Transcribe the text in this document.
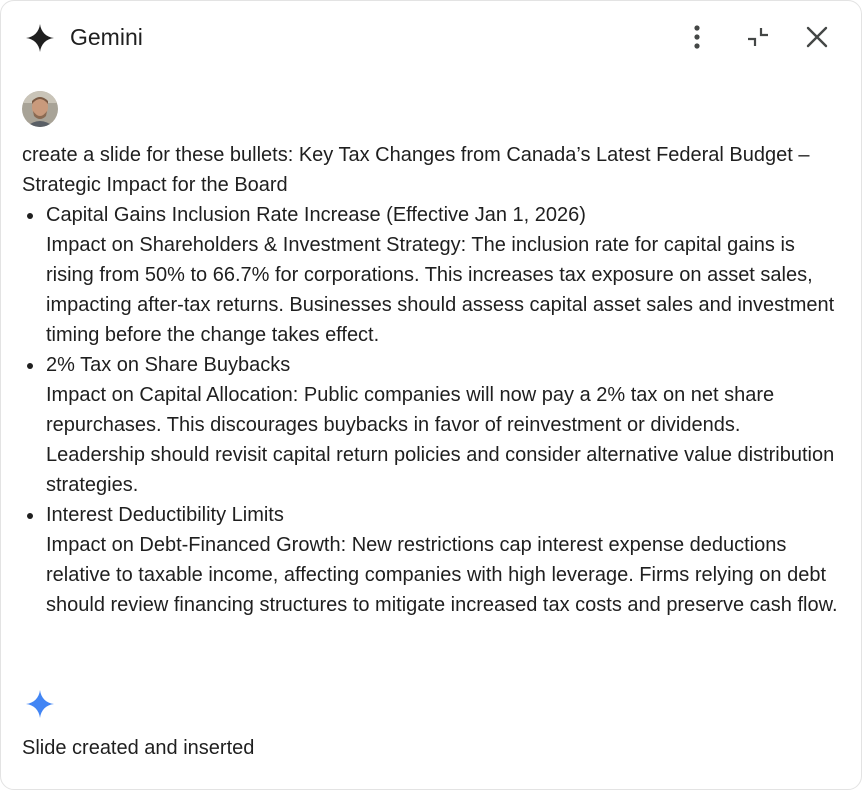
Gemini
create a slide for these bullets: Key Tax Changes from Canada’s Latest Federal Budget – Strategic Impact for the Board
Capital Gains Inclusion Rate Increase (Effective Jan 1, 2026)
Impact on Shareholders & Investment Strategy: The inclusion rate for capital gains is rising from 50% to 66.7% for corporations. This increases tax exposure on asset sales, impacting after-tax returns. Businesses should assess capital asset sales and investment timing before the change takes effect.
2% Tax on Share Buybacks
Impact on Capital Allocation: Public companies will now pay a 2% tax on net share repurchases. This discourages buybacks in favor of reinvestment or dividends. Leadership should revisit capital return policies and consider alternative value distribution strategies.
Interest Deductibility Limits
Impact on Debt-Financed Growth: New restrictions cap interest expense deductions relative to taxable income, affecting companies with high leverage. Firms relying on debt should review financing structures to mitigate increased tax costs and preserve cash flow.
Slide created and inserted
